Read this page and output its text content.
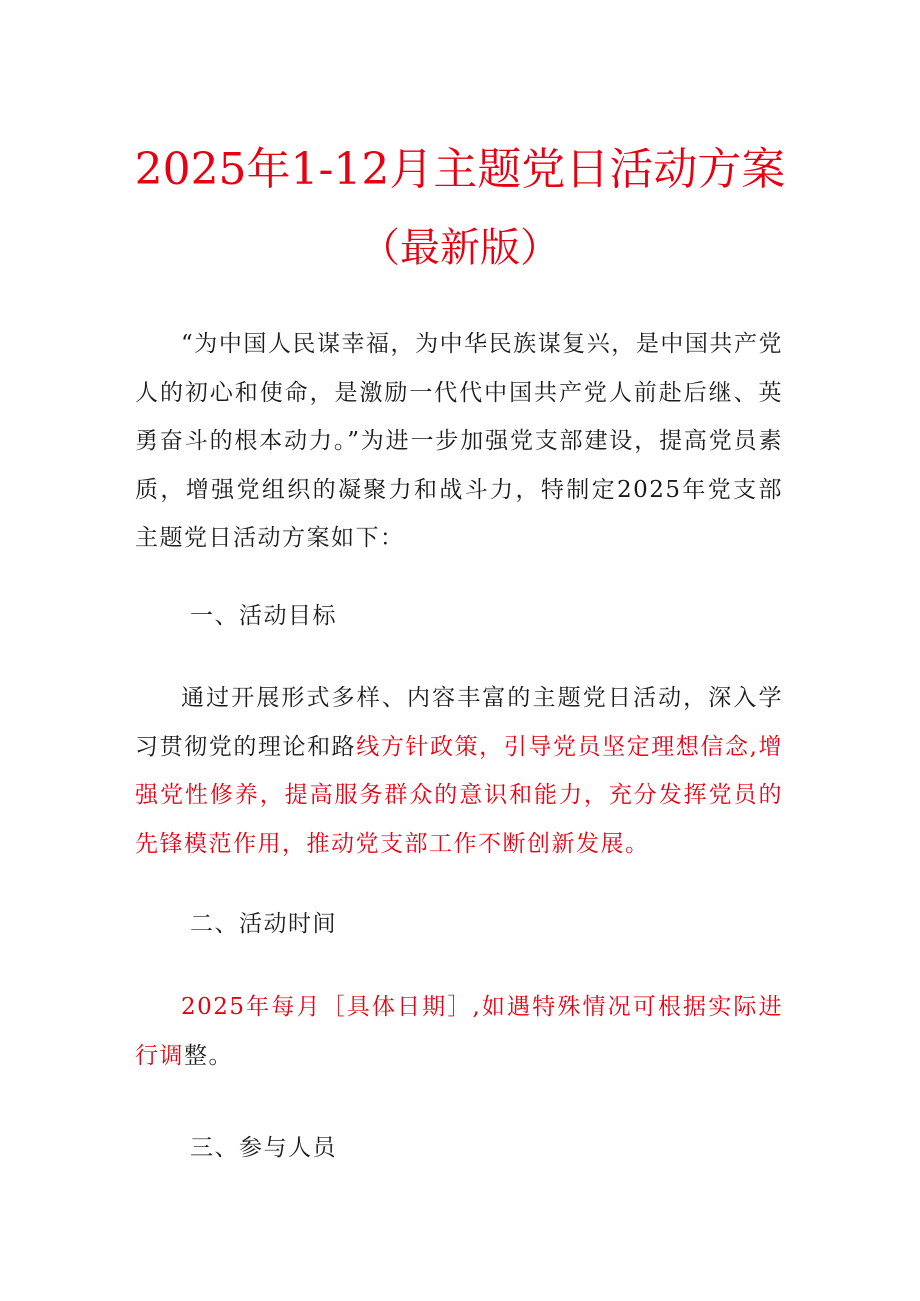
2025年1-12月主题党日活动方案
（最新版）
“为中国人民谋幸福，为中华民族谋复兴，是中国共产党人的初心和使命，是激励一代代中国共产党人前赴后继、英勇奋斗的根本动力。”为进一步加强党支部建设，提高党员素质，增强党组织的凝聚力和战斗力，特制定2025年党支部主题党日活动方案如下：
一、活动目标
通过开展形式多样、内容丰富的主题党日活动，深入学习贯彻党的理论和路线方针政策，引导党员坚定理想信念,增强党性修养，提高服务群众的意识和能力，充分发挥党员的先锋模范作用，推动党支部工作不断创新发展。
二、活动时间
2025年每月［具体日期］,如遇特殊情况可根据实际进行调整。
三、参与人员
